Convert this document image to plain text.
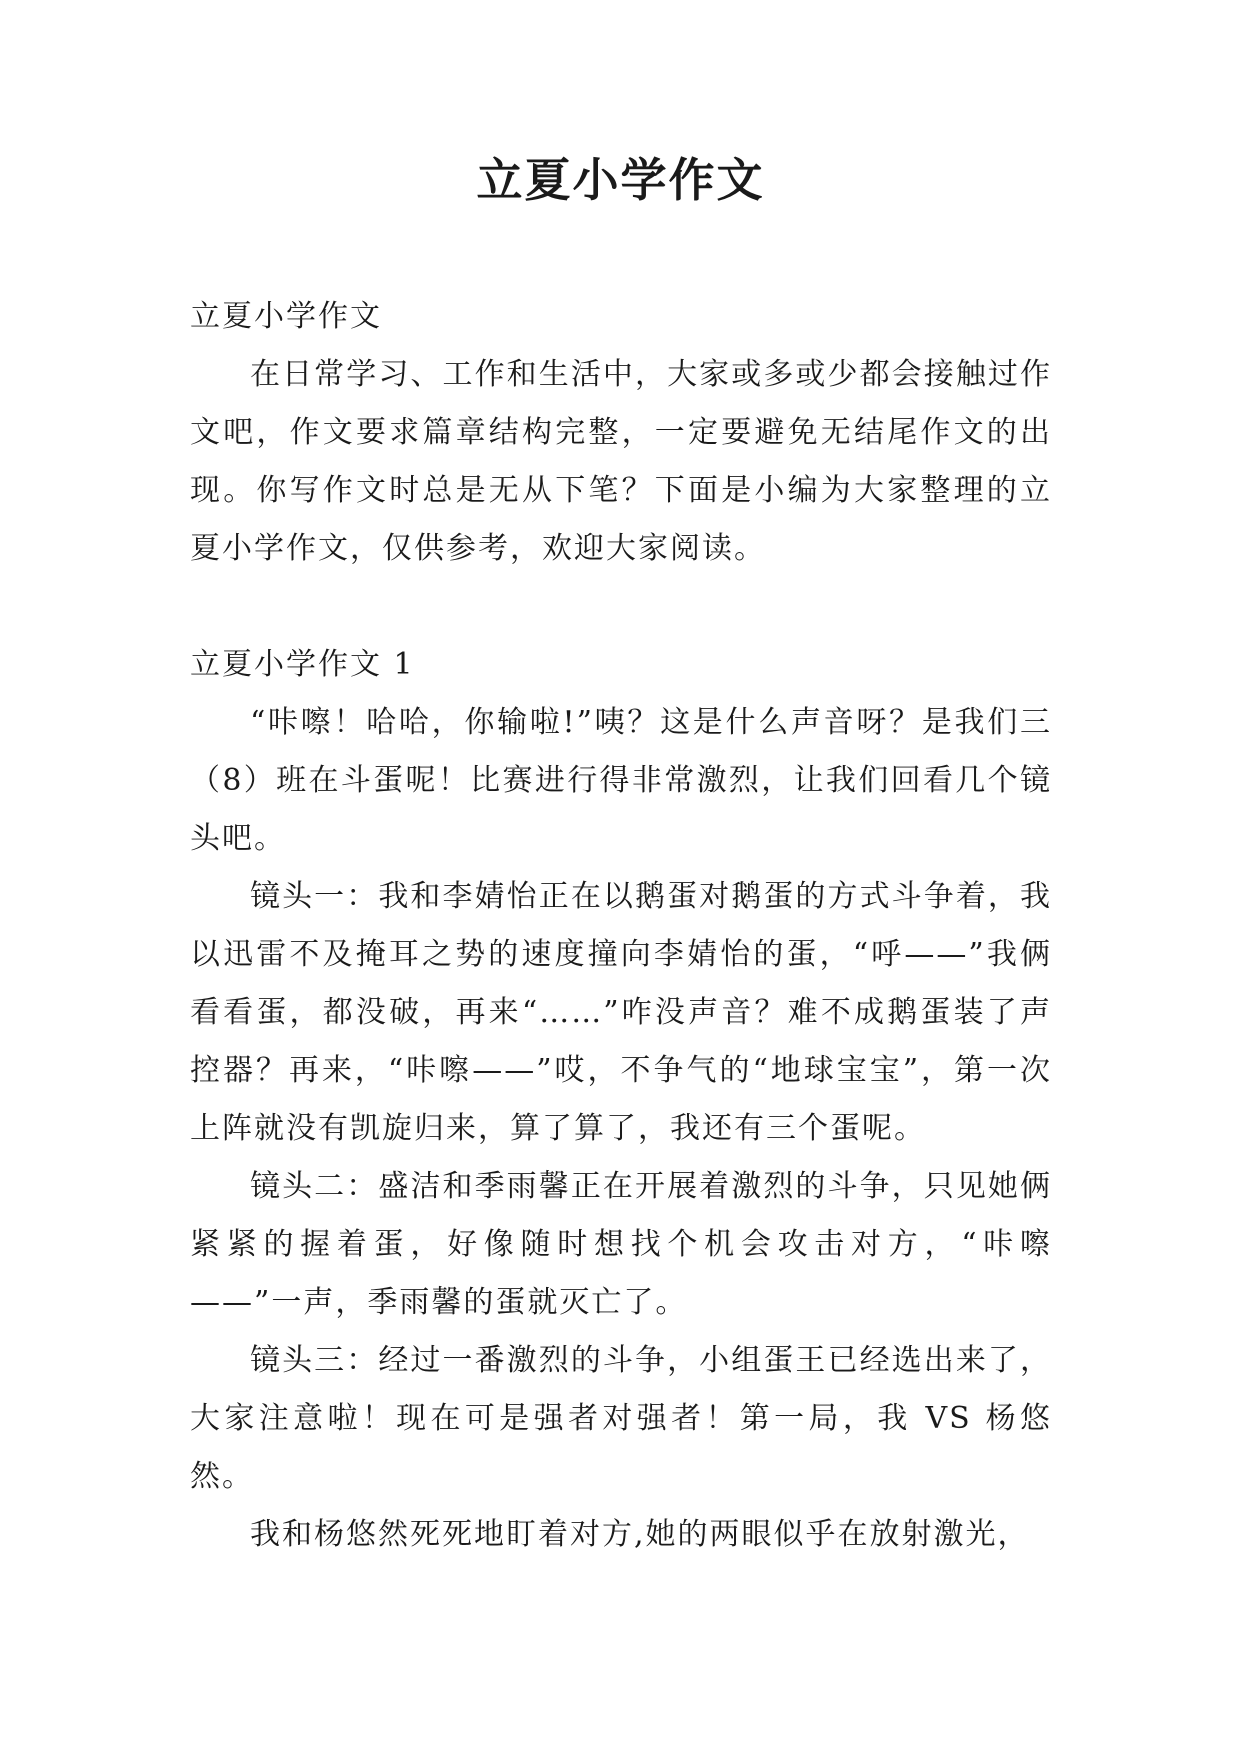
立夏小学作文

立夏小学作文

在日常学习、工作和生活中，大家或多或少都会接触过作文吧，作文要求篇章结构完整，一定要避免无结尾作文的出现。你写作文时总是无从下笔？下面是小编为大家整理的立夏小学作文，仅供参考，欢迎大家阅读。

立夏小学作文 1

“咔嚓！哈哈，你输啦!”咦？这是什么声音呀？是我们三（8）班在斗蛋呢！比赛进行得非常激烈，让我们回看几个镜头吧。

镜头一：我和李婧怡正在以鹅蛋对鹅蛋的方式斗争着，我以迅雷不及掩耳之势的速度撞向李婧怡的蛋，“呼——”我俩看看蛋，都没破，再来“……”咋没声音？难不成鹅蛋装了声控器？再来，“咔嚓——”哎，不争气的“地球宝宝”，第一次上阵就没有凯旋归来，算了算了，我还有三个蛋呢。

镜头二：盛洁和季雨馨正在开展着激烈的斗争，只见她俩紧紧的握着蛋，好像随时想找个机会攻击对方，“咔嚓——”一声，季雨馨的蛋就灭亡了。

镜头三：经过一番激烈的斗争，小组蛋王已经选出来了，大家注意啦！现在可是强者对强者！第一局，我 VS 杨悠然。

我和杨悠然死死地盯着对方,她的两眼似乎在放射激光，
